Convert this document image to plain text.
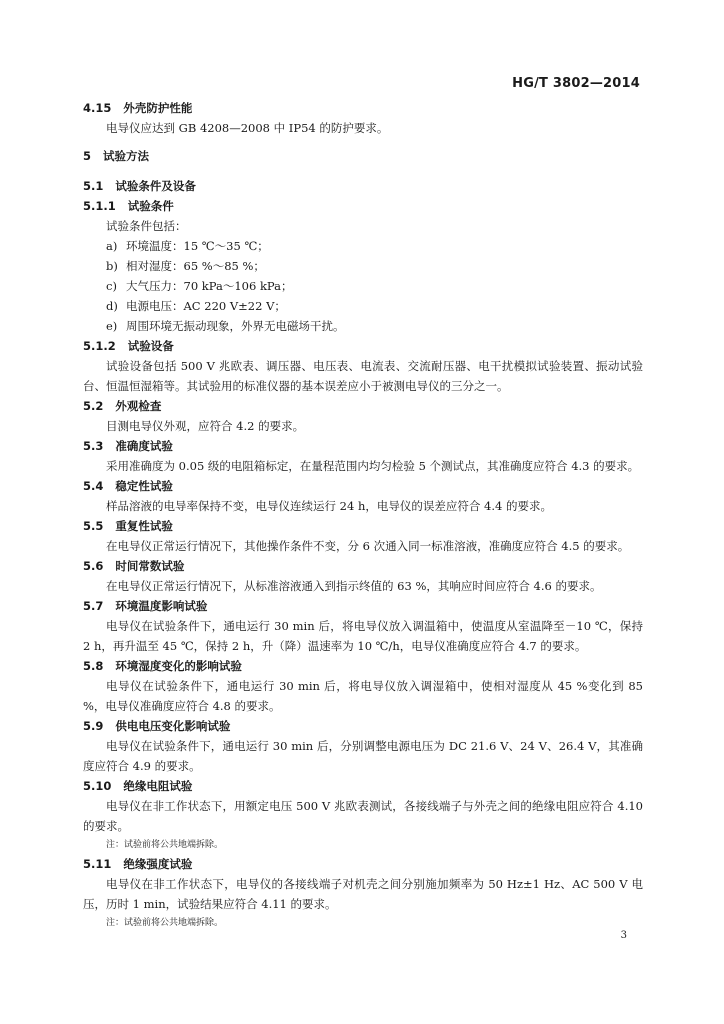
HG/T 3802—2014
4.15 外壳防护性能

电导仪应达到 GB 4208—2008 中 IP54 的防护要求。

5 试验方法
5.1 试验条件及设备
5.1.1 试验条件

试验条件包括：

a) 环境温度：15 ℃～35 ℃；

b) 相对湿度：65 %～85 %；

c) 大气压力：70 kPa～106 kPa；

d) 电源电压：AC 220 V±22 V；

e) 周围环境无振动现象，外界无电磁场干扰。

5.1.2 试验设备

试验设备包括 500 V 兆欧表、调压器、电压表、电流表、交流耐压器、电干扰模拟试验装置、振动试验台、恒温恒湿箱等。其试验用的标准仪器的基本误差应小于被测电导仪的三分之一。

5.2 外观检查

目测电导仪外观，应符合 4.2 的要求。

5.3 准确度试验

采用准确度为 0.05 级的电阻箱标定，在量程范围内均匀检验 5 个测试点，其准确度应符合 4.3 的要求。

5.4 稳定性试验

样品溶液的电导率保持不变，电导仪连续运行 24 h，电导仪的误差应符合 4.4 的要求。

5.5 重复性试验

在电导仪正常运行情况下，其他操作条件不变，分 6 次通入同一标准溶液，准确度应符合 4.5 的要求。

5.6 时间常数试验

在电导仪正常运行情况下，从标准溶液通入到指示终值的 63 %，其响应时间应符合 4.6 的要求。

5.7 环境温度影响试验

电导仪在试验条件下，通电运行 30 min 后，将电导仪放入调温箱中，使温度从室温降至－10 ℃，保持 2 h，再升温至 45 ℃，保持 2 h，升（降）温速率为 10 ℃/h，电导仪准确度应符合 4.7 的要求。

5.8 环境湿度变化的影响试验

电导仪在试验条件下，通电运行 30 min 后，将电导仪放入调湿箱中，使相对湿度从 45 %变化到 85 %，电导仪准确度应符合 4.8 的要求。

5.9 供电电压变化影响试验

电导仪在试验条件下，通电运行 30 min 后，分别调整电源电压为 DC 21.6 V、24 V、26.4 V，其准确度应符合 4.9 的要求。

5.10 绝缘电阻试验

电导仪在非工作状态下，用额定电压 500 V 兆欧表测试，各接线端子与外壳之间的绝缘电阻应符合 4.10 的要求。

注：试验前将公共地端拆除。

5.11 绝缘强度试验

电导仪在非工作状态下，电导仪的各接线端子对机壳之间分别施加频率为 50 Hz±1 Hz、AC 500 V 电压，历时 1 min，试验结果应符合 4.11 的要求。

注：试验前将公共地端拆除。

3
